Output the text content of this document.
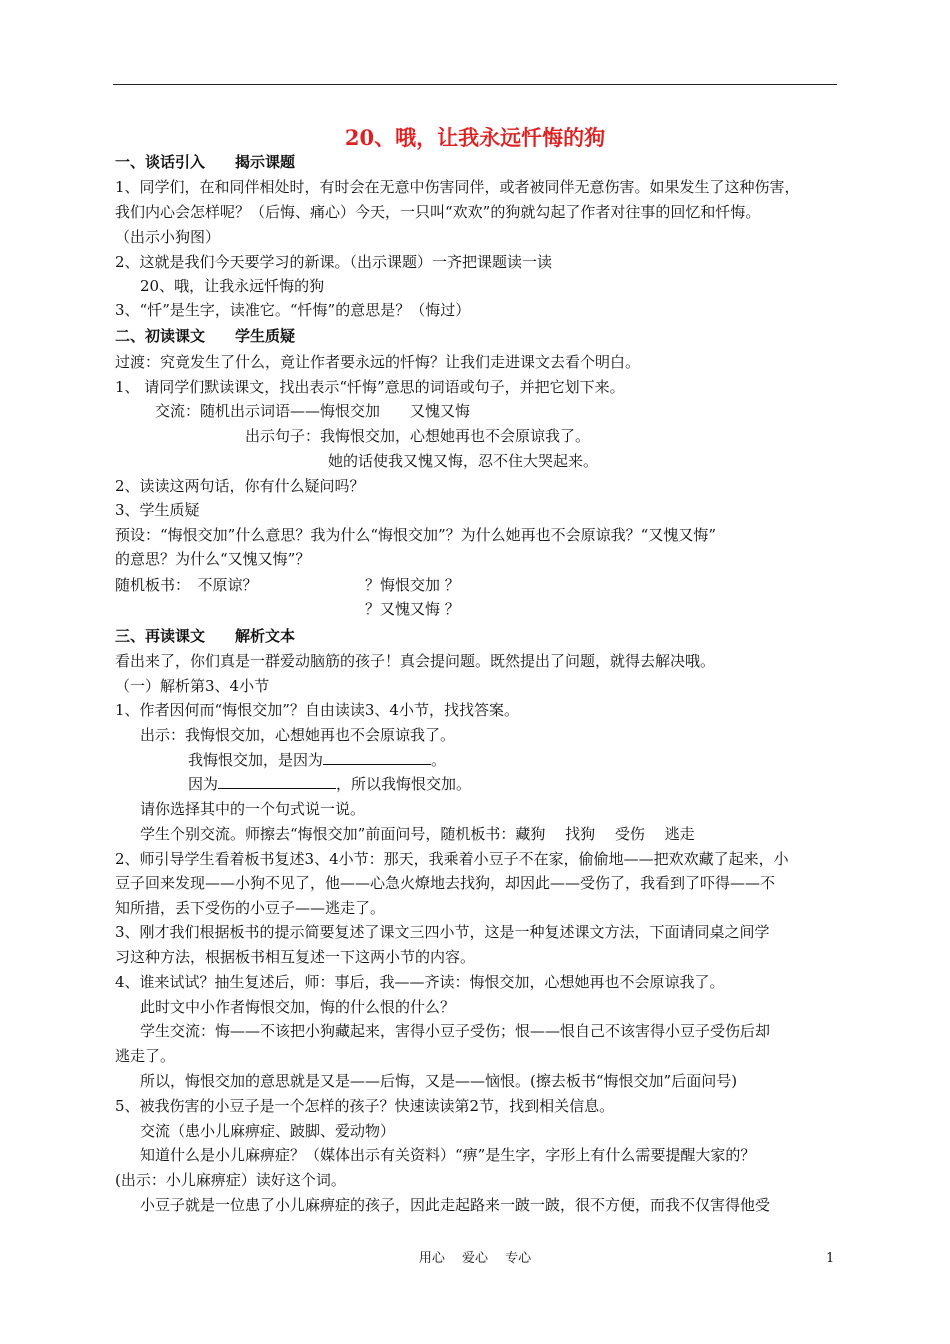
20、哦，让我永远忏悔的狗
一、谈话引入　　揭示课题
1、同学们，在和同伴相处时，有时会在无意中伤害同伴，或者被同伴无意伤害。如果发生了这种伤害，
我们内心会怎样呢？（后悔、痛心）今天，一只叫“欢欢”的狗就勾起了作者对往事的回忆和忏悔。
（出示小狗图）
2、这就是我们今天要学习的新课。（出示课题）一齐把课题读一读
20、哦，让我永远忏悔的狗
3、“忏”是生字，读准它。“忏悔”的意思是？（悔过）
二、初读课文　　学生质疑
过渡：究竟发生了什么，竟让作者要永远的忏悔？让我们走进课文去看个明白。
1、 请同学们默读课文，找出表示“忏悔”意思的词语或句子，并把它划下来。
交流：随机出示词语——悔恨交加　　又愧又悔
出示句子：我悔恨交加，心想她再也不会原谅我了。
她的话使我又愧又悔，忍不住大哭起来。
2、读读这两句话，你有什么疑问吗？
3、学生质疑
预设：“悔恨交加”什么意思？我为什么“悔恨交加”？为什么她再也不会原谅我？“又愧又悔”
的意思？为什么“又愧又悔”？
随机板书：　不原谅？	？悔恨交加 ？
？又愧又悔 ？
三、再读课文　　解析文本
看出来了，你们真是一群爱动脑筋的孩子！真会提问题。既然提出了问题，就得去解决哦。
（一）解析第3、4小节
1、作者因何而“悔恨交加”？自由读读3、4小节，找找答案。
出示：我悔恨交加，心想她再也不会原谅我了。
我悔恨交加，是因为	。
因为	，所以我悔恨交加。
请你选择其中的一个句式说一说。
学生个别交流。师擦去“悔恨交加”前面问号，随机板书：藏狗　 找狗　 受伤　 逃走
2、师引导学生看着板书复述3、4小节：那天，我乘着小豆子不在家，偷偷地——把欢欢藏了起来，小
豆子回来发现——小狗不见了，他——心急火燎地去找狗，却因此——受伤了，我看到了吓得——不
知所措，丢下受伤的小豆子——逃走了。
3、刚才我们根据板书的提示简要复述了课文三四小节，这是一种复述课文方法，下面请同桌之间学
习这种方法，根据板书相互复述一下这两小节的内容。
4、谁来试试？抽生复述后，师：事后，我——齐读：悔恨交加，心想她再也不会原谅我了。
此时文中小作者悔恨交加，悔的什么恨的什么？
学生交流：悔——不该把小狗藏起来，害得小豆子受伤；恨——恨自己不该害得小豆子受伤后却
逃走了。
所以，悔恨交加的意思就是又是——后悔，又是——恼恨。(擦去板书“悔恨交加”后面问号)
5、被我伤害的小豆子是一个怎样的孩子？快速读读第2节，找到相关信息。
交流（患小儿麻痹症、跛脚、爱动物）
知道什么是小儿麻痹症？（媒体出示有关资料）“痹”是生字，字形上有什么需要提醒大家的？
(出示：小儿麻痹症）读好这个词。
小豆子就是一位患了小儿麻痹症的孩子，因此走起路来一跛一跛，很不方便，而我不仅害得他受
用心　 爱心　 专心	1
